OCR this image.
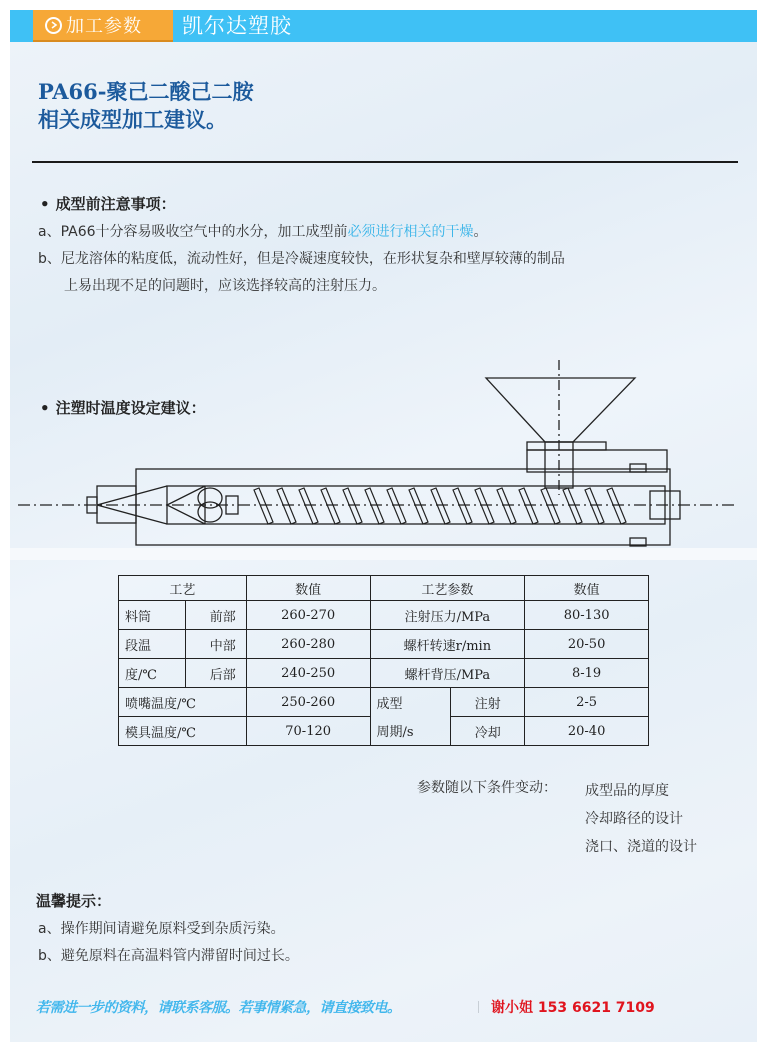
加工参数 凯尔达塑胶
PA66-聚己二酸己二胺
相关成型加工建议。
• 成型前注意事项：
a、PA66十分容易吸收空气中的水分，加工成型前必须进行相关的干燥。
b、尼龙溶体的粘度低，流动性好，但是冷凝速度较快，在形状复杂和壁厚较薄的制品
上易出现不足的问题时，应该选择较高的注射压力。
• 注塑时温度设定建议：
工艺		数值	工艺参数		数值
料筒	前部	260-270	注射压力/MPa		80-130
段温	中部	260-280	螺杆转速r/min		20-50
度/℃	后部	240-250	螺杆背压/MPa		8-19
喷嘴温度/℃		250-260	成型	注射	2-5
模具温度/℃		70-120	周期/s	冷却	20-40
参数随以下条件变动： 成型品的厚度
冷却路径的设计
浇口、浇道的设计
温馨提示：
a、操作期间请避免原料受到杂质污染。
b、避免原料在高温料管内滞留时间过长。
若需进一步的资料，请联系客服。若事情紧急，请直接致电。	谢小姐 153 6621 7109
